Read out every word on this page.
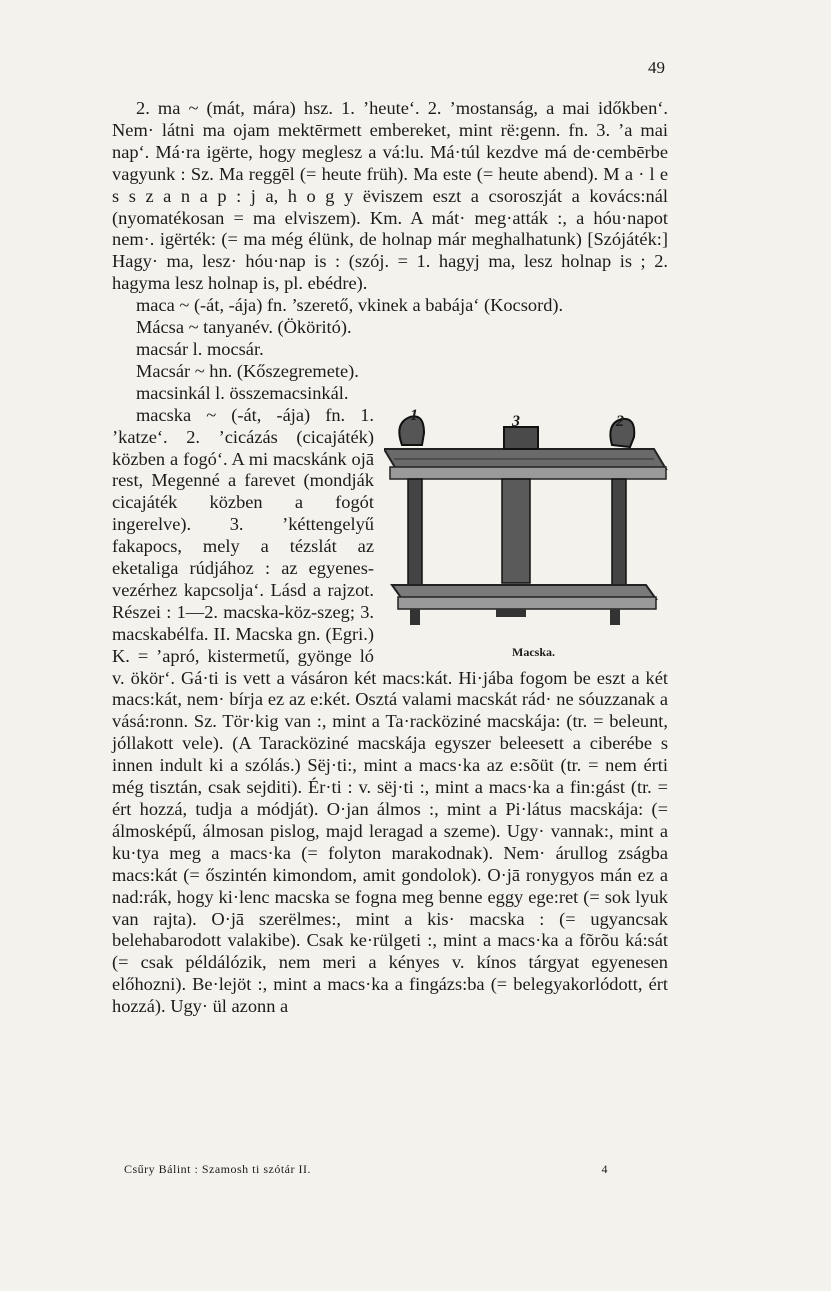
49

2. ma ~ (mát, mára) hsz. 1. ’heute‘. 2. ’mostanság, a mai időkben‘. Nem· látni ma ojam mektērmett embereket, mint rë:genn. fn. 3. ’a mai nap‘. Má·ra igërte, hogy meglesz a vá:lu. Má·túl kezdve má de·cembērbe vagyunk : Sz. Ma reggēl (= heute früh). Ma este (= heute abend). M a · l e s s z a n a p : j a, h o g y ëviszem eszt a csoroszját a kovács:nál (nyomatékosan = ma elviszem). Km. A mát· meg·atták :, a hóu·napot nem·. igërték: (= ma még élünk, de holnap már meghalhatunk) [Szójáték:] Hagy· ma, lesz· hóu·nap is : (szój. = 1. hagyj ma, lesz holnap is ; 2. hagyma lesz holnap is, pl. ebédre).

maca ~ (-át, -ája) fn. ’szerető, vkinek a babája‘ (Kocsord).

Mácsa ~ tanyanév. (Ököritó).

macsár l. mocsár.

Macsár ~ hn. (Kőszegremete).

macsinkál l. összemacsinkál.

1	3	2
Macska.

macska ~ (-át, -ája) fn. 1. ’katze‘. 2. ’cicázás (cicajáték) közben a fogó‘. A mi macskánk ojā rest, Megenné a farevet (mondják cicajáték közben a fogót ingerelve). 3. ’kéttengelyű fakapocs, mely a tézslát az eketaliga rúdjához : az egyenes-vezérhez kapcsolja‘. Lásd a rajzot. Részei : 1—2. macska-köz-szeg; 3. macskabélfa. II. Macska gn. (Egri.) K. = ’apró, kistermetű, gyönge ló v. ökör‘. Gá·ti is vett a vásáron két macs:kát. Hi·jába fogom be eszt a két macs:kát, nem· bírja ez az e:két. Osztá valami macskát rád· ne sóuzzanak a vásá:ronn. Sz. Tör·kig van :, mint a Ta·racköziné macskája: (tr. = beleunt, jóllakott vele). (A Taracköziné macskája egyszer beleesett a ciberébe s innen indult ki a szólás.) Sëj·ti:, mint a macs·ka az e:sõüt (tr. = nem érti még tisztán, csak sejditi). Ér·ti : v. sëj·ti :, mint a macs·ka a fin:gást (tr. = ért hozzá, tudja a módját). O·jan álmos :, mint a Pi·látus macskája: (= álmosképű, álmosan pislog, majd leragad a szeme). Ugy· vannak:, mint a ku·tya meg a macs·ka (= folyton marakodnak). Nem· árullog zságba macs:kát (= őszintén kimondom, amit gondolok). O·jā ronygyos mán ez a nad:rák, hogy ki·lenc macska se fogna meg benne eggy ege:ret (= sok lyuk van rajta). O·jā szerëlmes:, mint a kis· macska : (= ugyancsak belehabarodott valakibe). Csak ke·rülgeti :, mint a macs·ka a fõrõu ká:sát (= csak példálózik, nem meri a kényes v. kínos tárgyat egyenesen előhozni). Be·lejöt :, mint a macs·ka a fingázs:ba (= belegyakorlódott, ért hozzá). Ugy· ül azonn a

Csűry Bálint : Szamosh ti szótár II.	4
